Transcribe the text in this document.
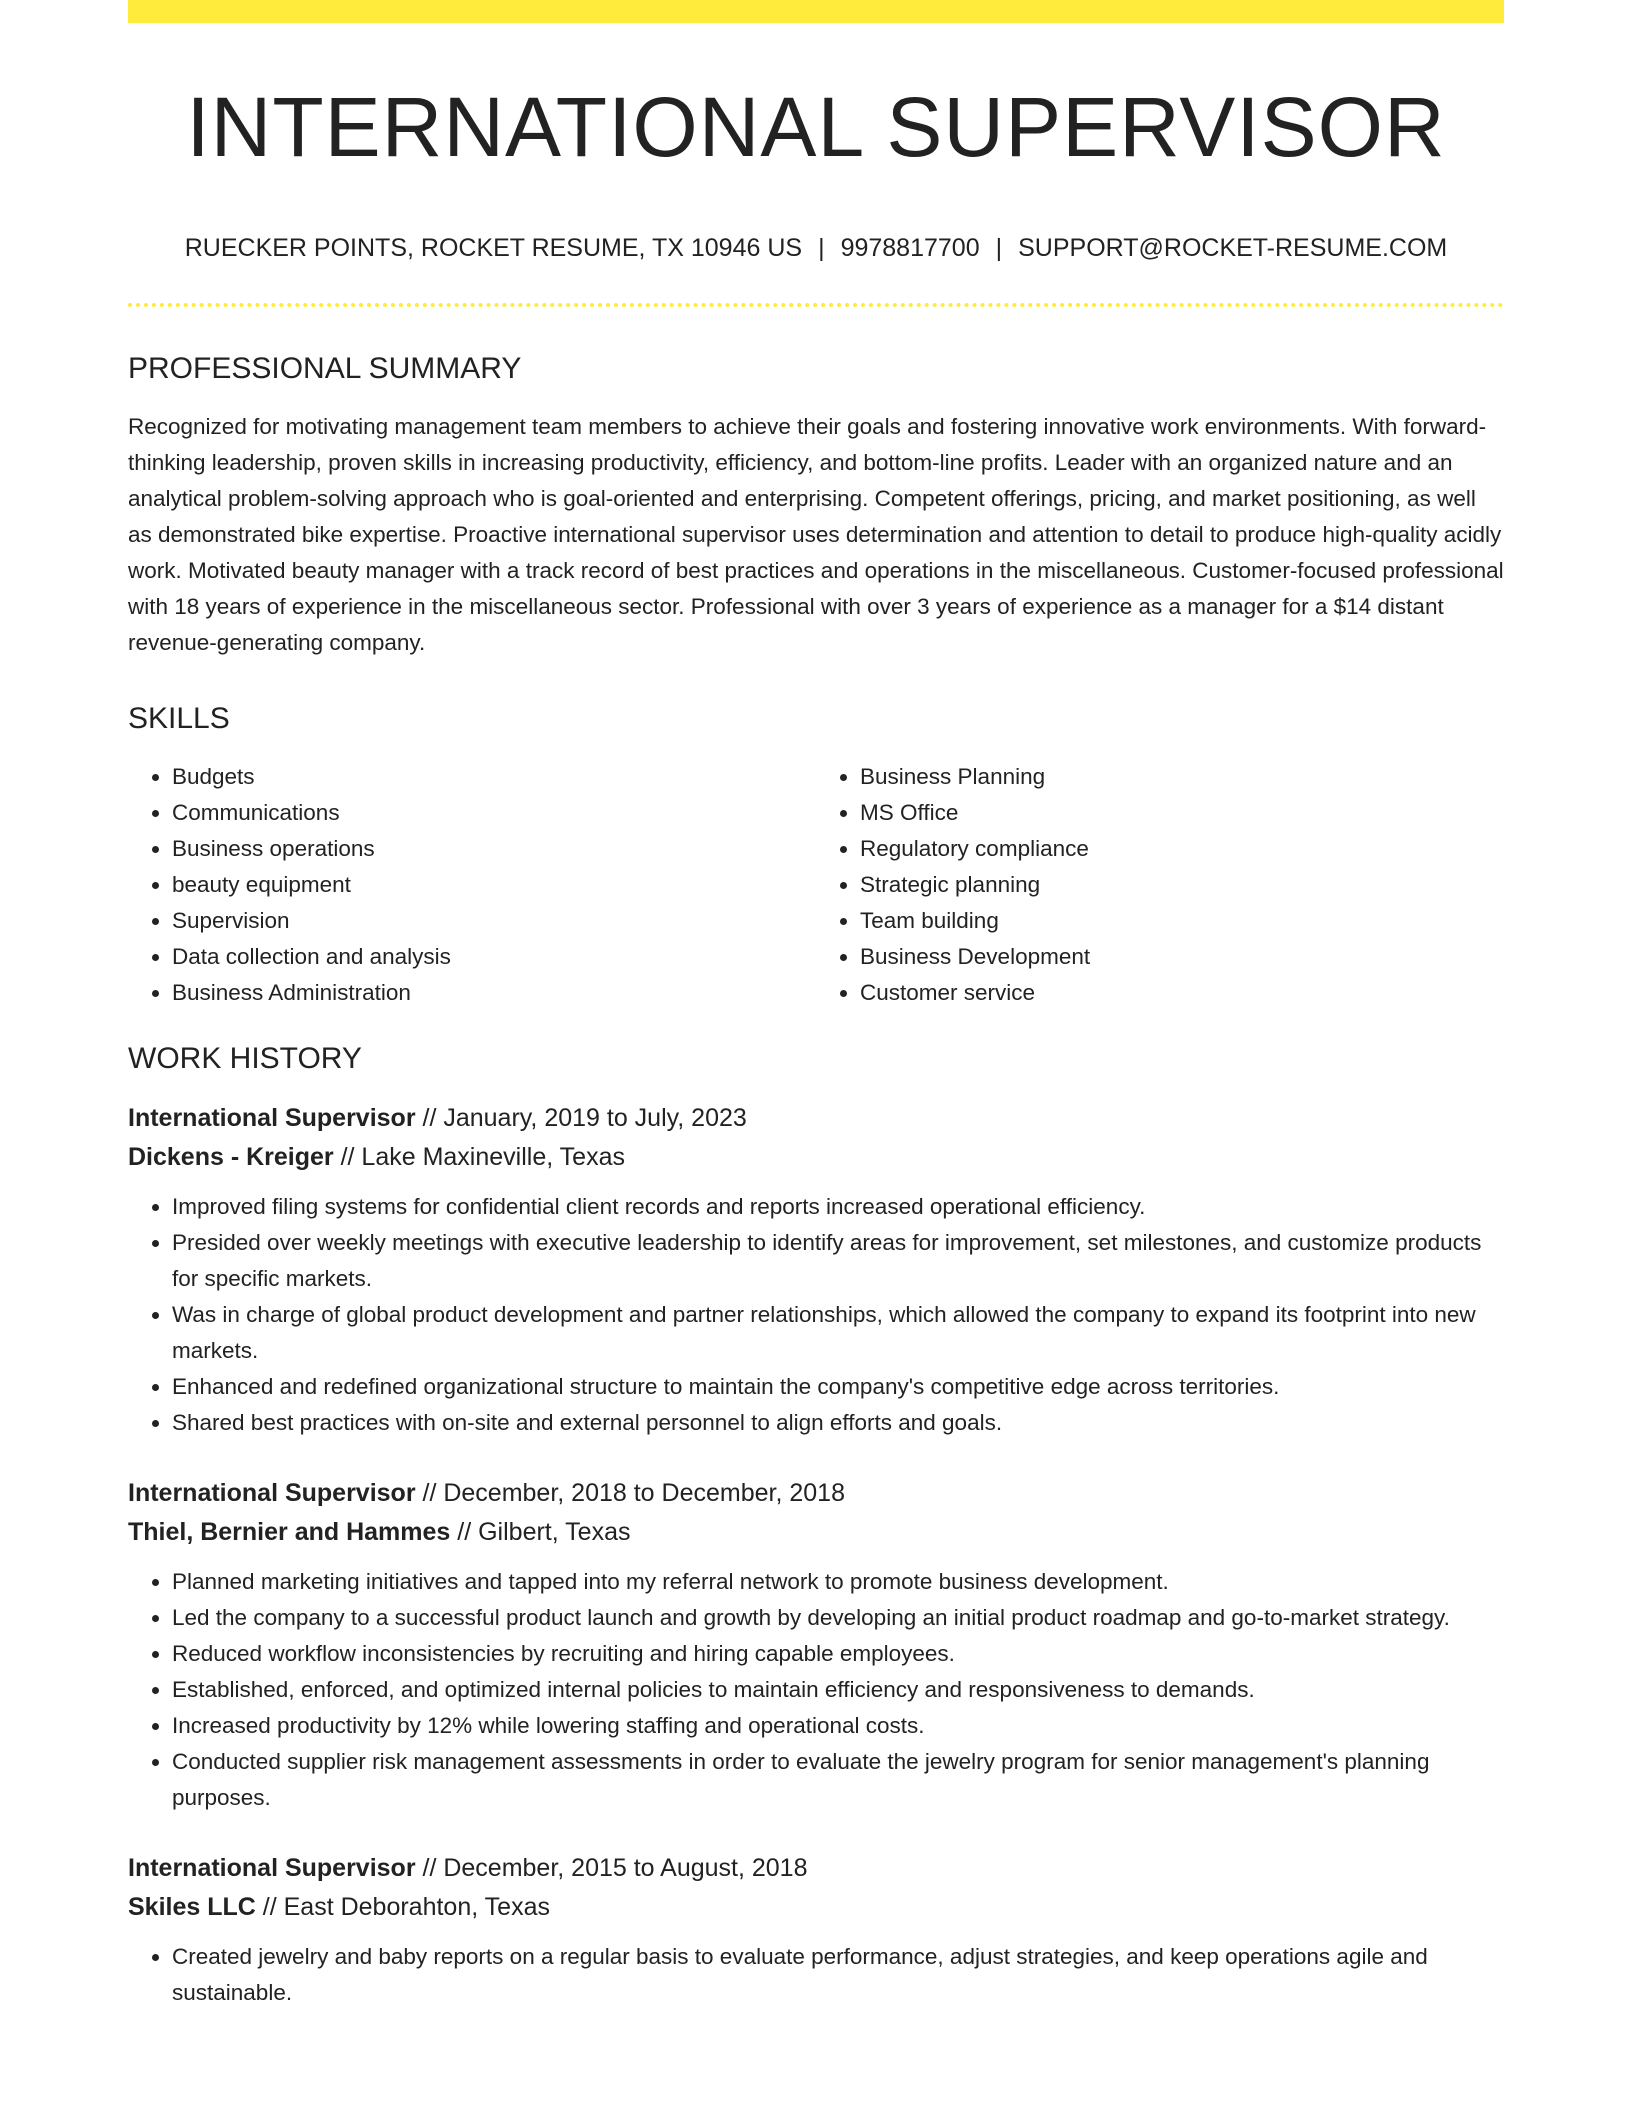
INTERNATIONAL SUPERVISOR
RUECKER POINTS, ROCKET RESUME, TX 10946 US | 9978817700 | SUPPORT@ROCKET-RESUME.COM
PROFESSIONAL SUMMARY

Recognized for motivating management team members to achieve their goals and fostering innovative work environments. With forward-thinking leadership, proven skills in increasing productivity, efficiency, and bottom-line profits. Leader with an organized nature and an analytical problem-solving approach who is goal-oriented and enterprising. Competent offerings, pricing, and market positioning, as well as demonstrated bike expertise. Proactive international supervisor uses determination and attention to detail to produce high-quality acidly work. Motivated beauty manager with a track record of best practices and operations in the miscellaneous. Customer-focused professional with 18 years of experience in the miscellaneous sector. Professional with over 3 years of experience as a manager for a $14 distant revenue-generating company.

SKILLS
• Budgets
• Communications
• Business operations
• beauty equipment
• Supervision
• Data collection and analysis
• Business Administration
• Business Planning
• MS Office
• Regulatory compliance
• Strategic planning
• Team building
• Business Development
• Customer service
WORK HISTORY
International Supervisor // January, 2019 to July, 2023
Dickens - Kreiger // Lake Maxineville, Texas
• Improved filing systems for confidential client records and reports increased operational efficiency.
• Presided over weekly meetings with executive leadership to identify areas for improvement, set milestones, and customize products for specific markets.
• Was in charge of global product development and partner relationships, which allowed the company to expand its footprint into new markets.
• Enhanced and redefined organizational structure to maintain the company's competitive edge across territories.
• Shared best practices with on-site and external personnel to align efforts and goals.
International Supervisor // December, 2018 to December, 2018
Thiel, Bernier and Hammes // Gilbert, Texas
• Planned marketing initiatives and tapped into my referral network to promote business development.
• Led the company to a successful product launch and growth by developing an initial product roadmap and go-to-market strategy.
• Reduced workflow inconsistencies by recruiting and hiring capable employees.
• Established, enforced, and optimized internal policies to maintain efficiency and responsiveness to demands.
• Increased productivity by 12% while lowering staffing and operational costs.
• Conducted supplier risk management assessments in order to evaluate the jewelry program for senior management's planning purposes.
International Supervisor // December, 2015 to August, 2018
Skiles LLC // East Deborahton, Texas
• Created jewelry and baby reports on a regular basis to evaluate performance, adjust strategies, and keep operations agile and sustainable.
